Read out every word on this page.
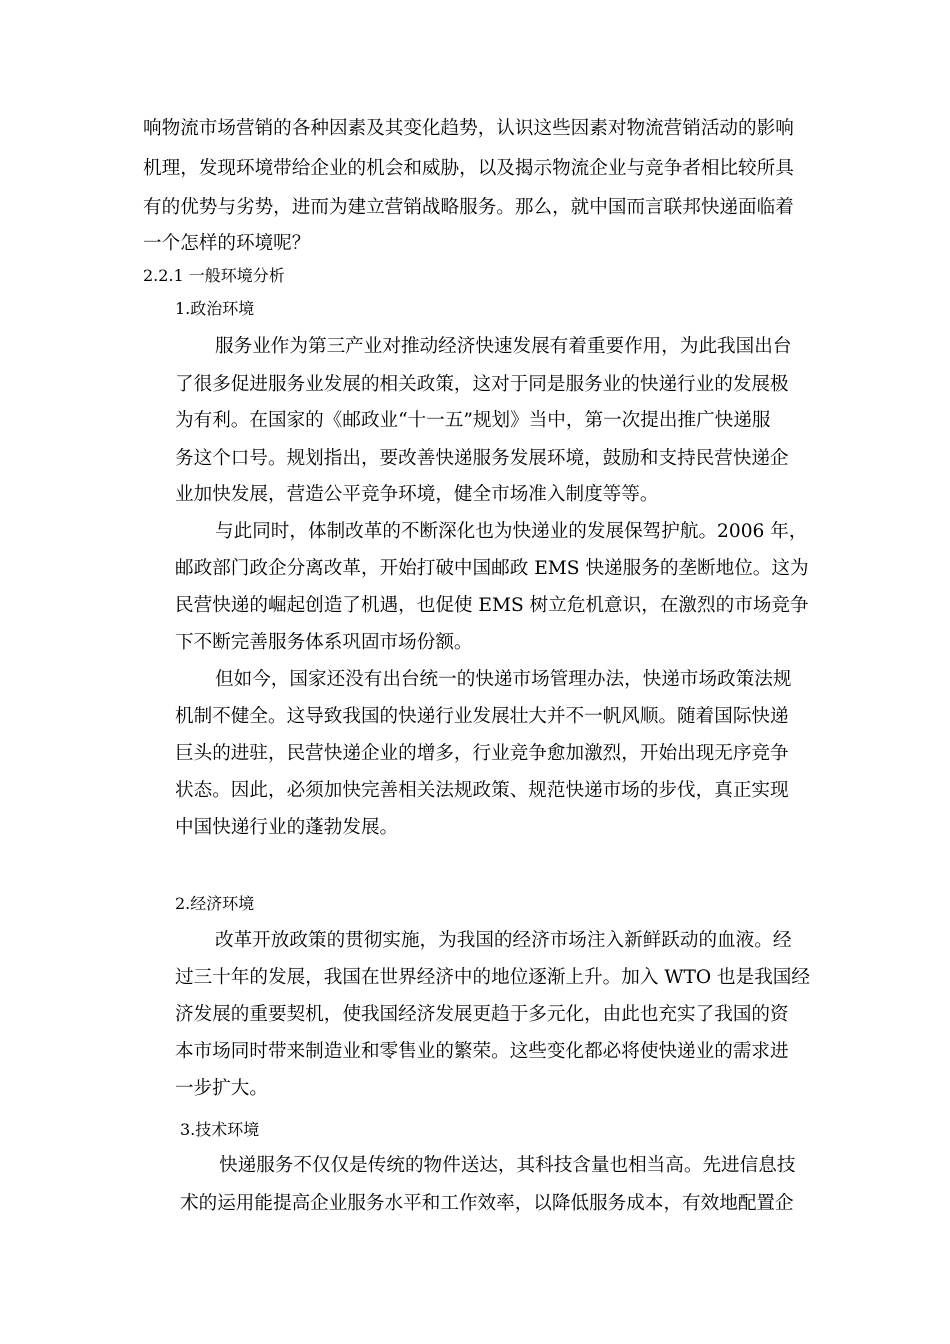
响物流市场营销的各种因素及其变化趋势，认识这些因素对物流营销活动的影响
机理，发现环境带给企业的机会和威胁，以及揭示物流企业与竞争者相比较所具
有的优势与劣势，进而为建立营销战略服务。那么，就中国而言联邦快递面临着
一个怎样的环境呢？
2.2.1 一般环境分析
1.政治环境
服务业作为第三产业对推动经济快速发展有着重要作用，为此我国出台
了很多促进服务业发展的相关政策，这对于同是服务业的快递行业的发展极
为有利。在国家的《邮政业“十一五”规划》当中，第一次提出推广快递服
务这个口号。规划指出，要改善快递服务发展环境，鼓励和支持民营快递企
业加快发展，营造公平竞争环境，健全市场准入制度等等。
与此同时，体制改革的不断深化也为快递业的发展保驾护航。2006 年，
邮政部门政企分离改革，开始打破中国邮政 EMS 快递服务的垄断地位。这为
民营快递的崛起创造了机遇，也促使 EMS 树立危机意识，在激烈的市场竞争
下不断完善服务体系巩固市场份额。
但如今，国家还没有出台统一的快递市场管理办法，快递市场政策法规
机制不健全。这导致我国的快递行业发展壮大并不一帆风顺。随着国际快递
巨头的进驻，民营快递企业的增多，行业竞争愈加激烈，开始出现无序竞争
状态。因此，必须加快完善相关法规政策、规范快递市场的步伐，真正实现
中国快递行业的蓬勃发展。
2.经济环境
改革开放政策的贯彻实施，为我国的经济市场注入新鲜跃动的血液。经
过三十年的发展，我国在世界经济中的地位逐渐上升。加入 WTO 也是我国经
济发展的重要契机，使我国经济发展更趋于多元化，由此也充实了我国的资
本市场同时带来制造业和零售业的繁荣。这些变化都必将使快递业的需求进
一步扩大。
3.技术环境
快递服务不仅仅是传统的物件送达，其科技含量也相当高。先进信息技
术的运用能提高企业服务水平和工作效率，以降低服务成本，有效地配置企
